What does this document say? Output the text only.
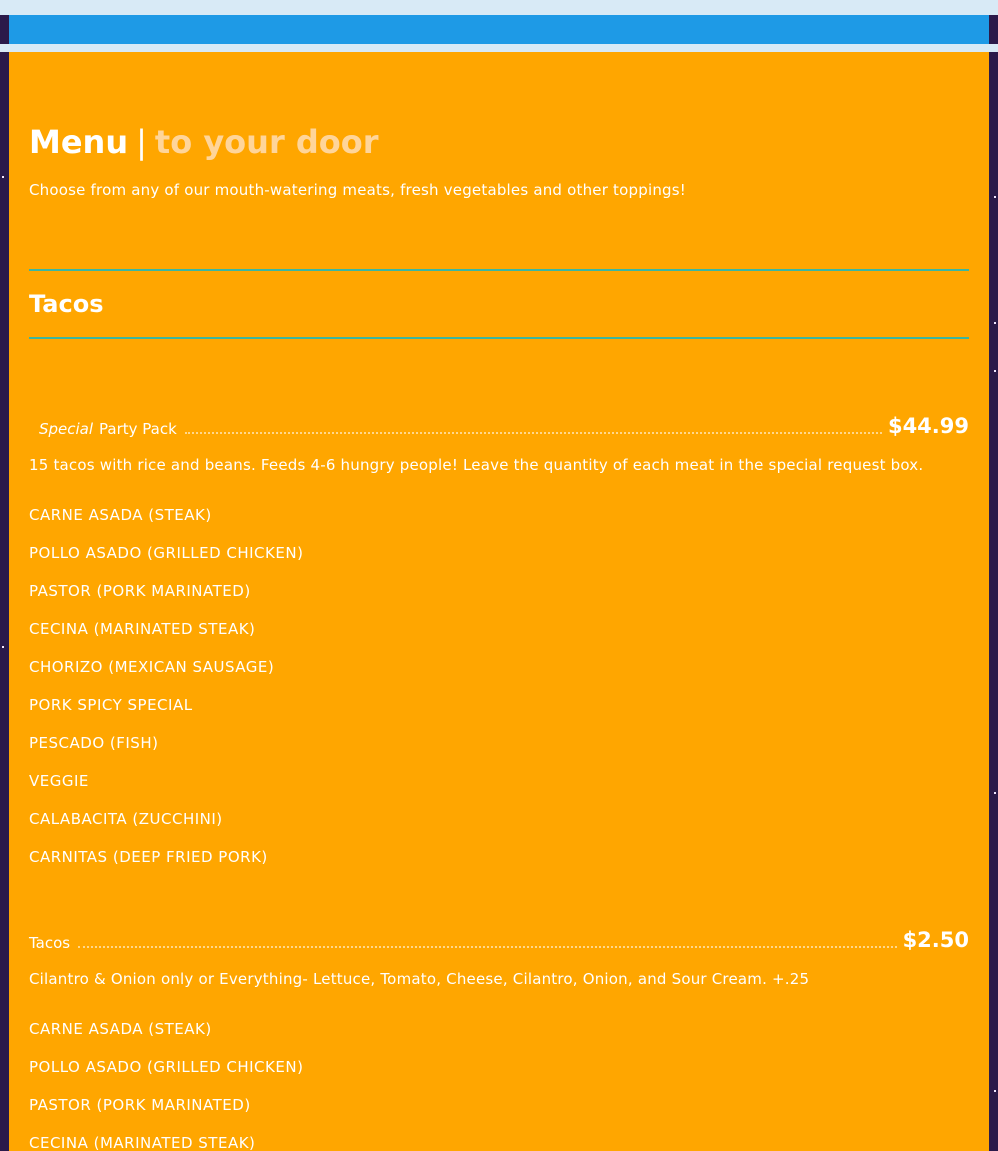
Menu | to your door
Choose from any of our mouth-watering meats, fresh vegetables and other toppings!
Tacos
Special Party Pack	$44.99
15 tacos with rice and beans. Feeds 4-6 hungry people! Leave the quantity of each meat in the special request box.
CARNE ASADA (STEAK)
POLLO ASADO (GRILLED CHICKEN)
PASTOR (PORK MARINATED)
CECINA (MARINATED STEAK)
CHORIZO (MEXICAN SAUSAGE)
PORK SPICY SPECIAL
PESCADO (FISH)
VEGGIE
CALABACITA (ZUCCHINI)
CARNITAS (DEEP FRIED PORK)
Tacos	$2.50
Cilantro & Onion only or Everything- Lettuce, Tomato, Cheese, Cilantro, Onion, and Sour Cream. +.25
CARNE ASADA (STEAK)
POLLO ASADO (GRILLED CHICKEN)
PASTOR (PORK MARINATED)
CECINA (MARINATED STEAK)
